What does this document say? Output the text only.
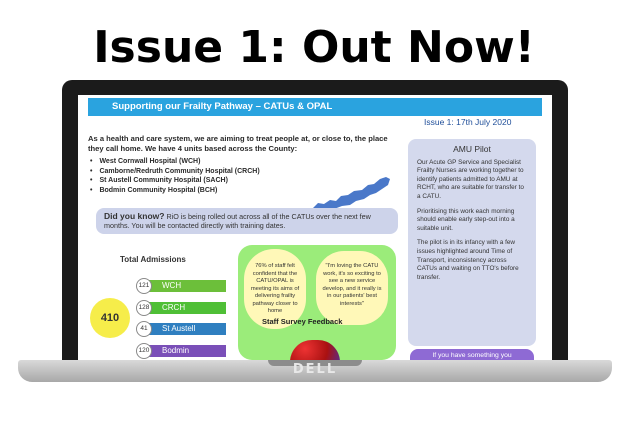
Issue 1: Out Now!
DELL
Supporting our Frailty Pathway – CATUs & OPAL
Issue 1: 17th July 2020
As a health and care system, we are aiming to treat people at, or close to, the place they call home. We have 4 units based across the County:
• West Cornwall Hospital (WCH)
• Camborne/Redruth Community Hospital (CRCH)
• St Austell Community Hospital (SACH)
• Bodmin Community Hospital (BCH)
Did you know? RiO is being rolled out across all of the CATUs over the next few months. You will be contacted directly with training dates.
Total Admissions
410
WCH
121
CRCH
128
St Austell
41
Bodmin
120
76% of staff felt confident that the CATU/OPAL is meeting its aims of delivering frailty pathway closer to home
"I'm loving the CATU work, it's so exciting to see a new service develop, and it really is in our patients' best interests"
Staff Survey Feedback
AMU Pilot

Our Acute GP Service and Specialist Frailty Nurses are working together to identify patients admitted to AMU at RCHT, who are suitable for transfer to a CATU.

Prioritising this work each morning should enable early step-out into a suitable unit.

The pilot is in its infancy with a few issues highlighted around Time of Transport, inconsistency across CATUs and waiting on TTO's before transfer.

If you have something you
